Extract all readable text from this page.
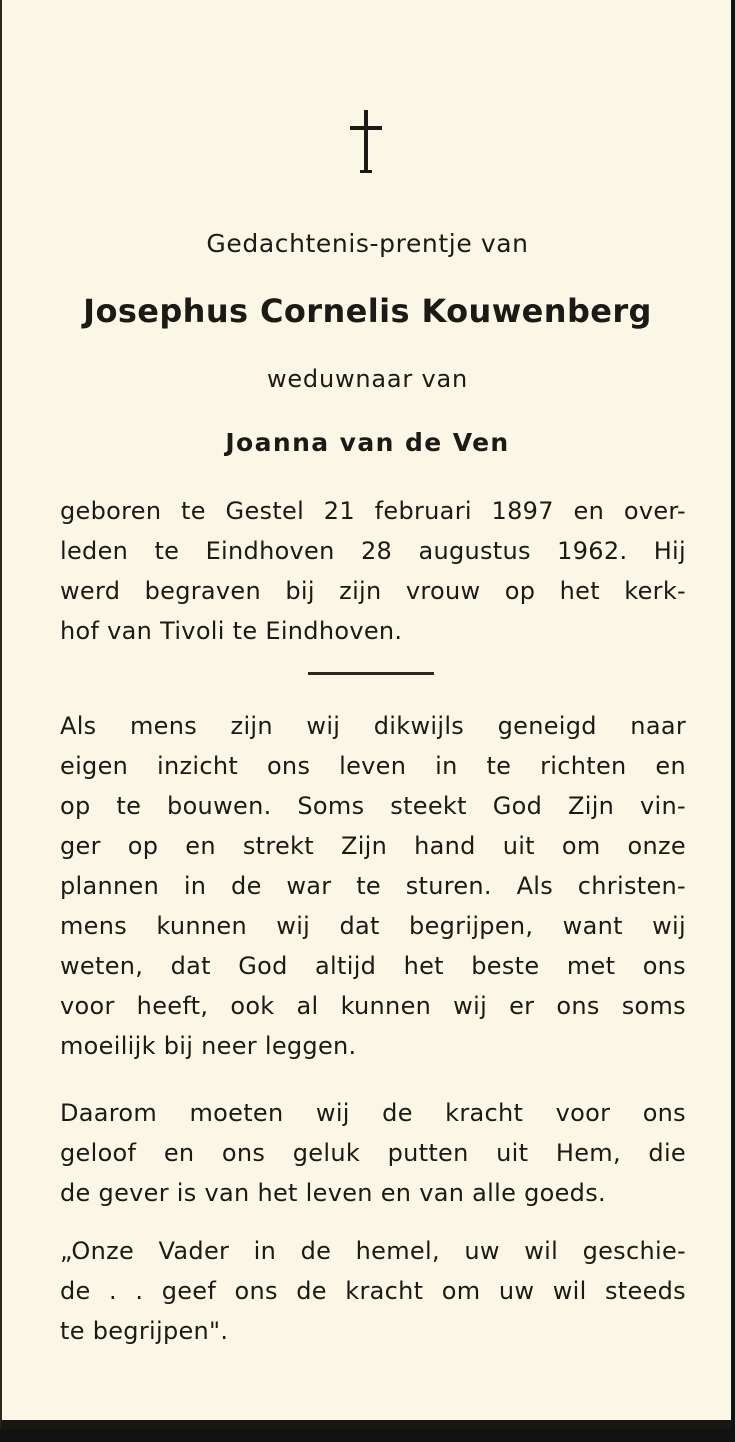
Gedachtenis-prentje van
Josephus Cornelis Kouwenberg
weduwnaar van
Joanna van de Ven
geboren te Gestel 21 februari 1897 en over-
leden te Eindhoven 28 augustus 1962. Hij
werd begraven bij zijn vrouw op het kerk-
hof van Tivoli te Eindhoven.
Als mens zijn wij dikwijls geneigd naar
eigen inzicht ons leven in te richten en
op te bouwen. Soms steekt God Zijn vin-
ger op en strekt Zijn hand uit om onze
plannen in de war te sturen. Als christen-
mens kunnen wij dat begrijpen, want wij
weten, dat God altijd het beste met ons
voor heeft, ook al kunnen wij er ons soms
moeilijk bij neer leggen.
Daarom moeten wij de kracht voor ons
geloof en ons geluk putten uit Hem, die
de gever is van het leven en van alle goeds.
„Onze Vader in de hemel, uw wil geschie-
de . . geef ons de kracht om uw wil steeds
te begrijpen".
